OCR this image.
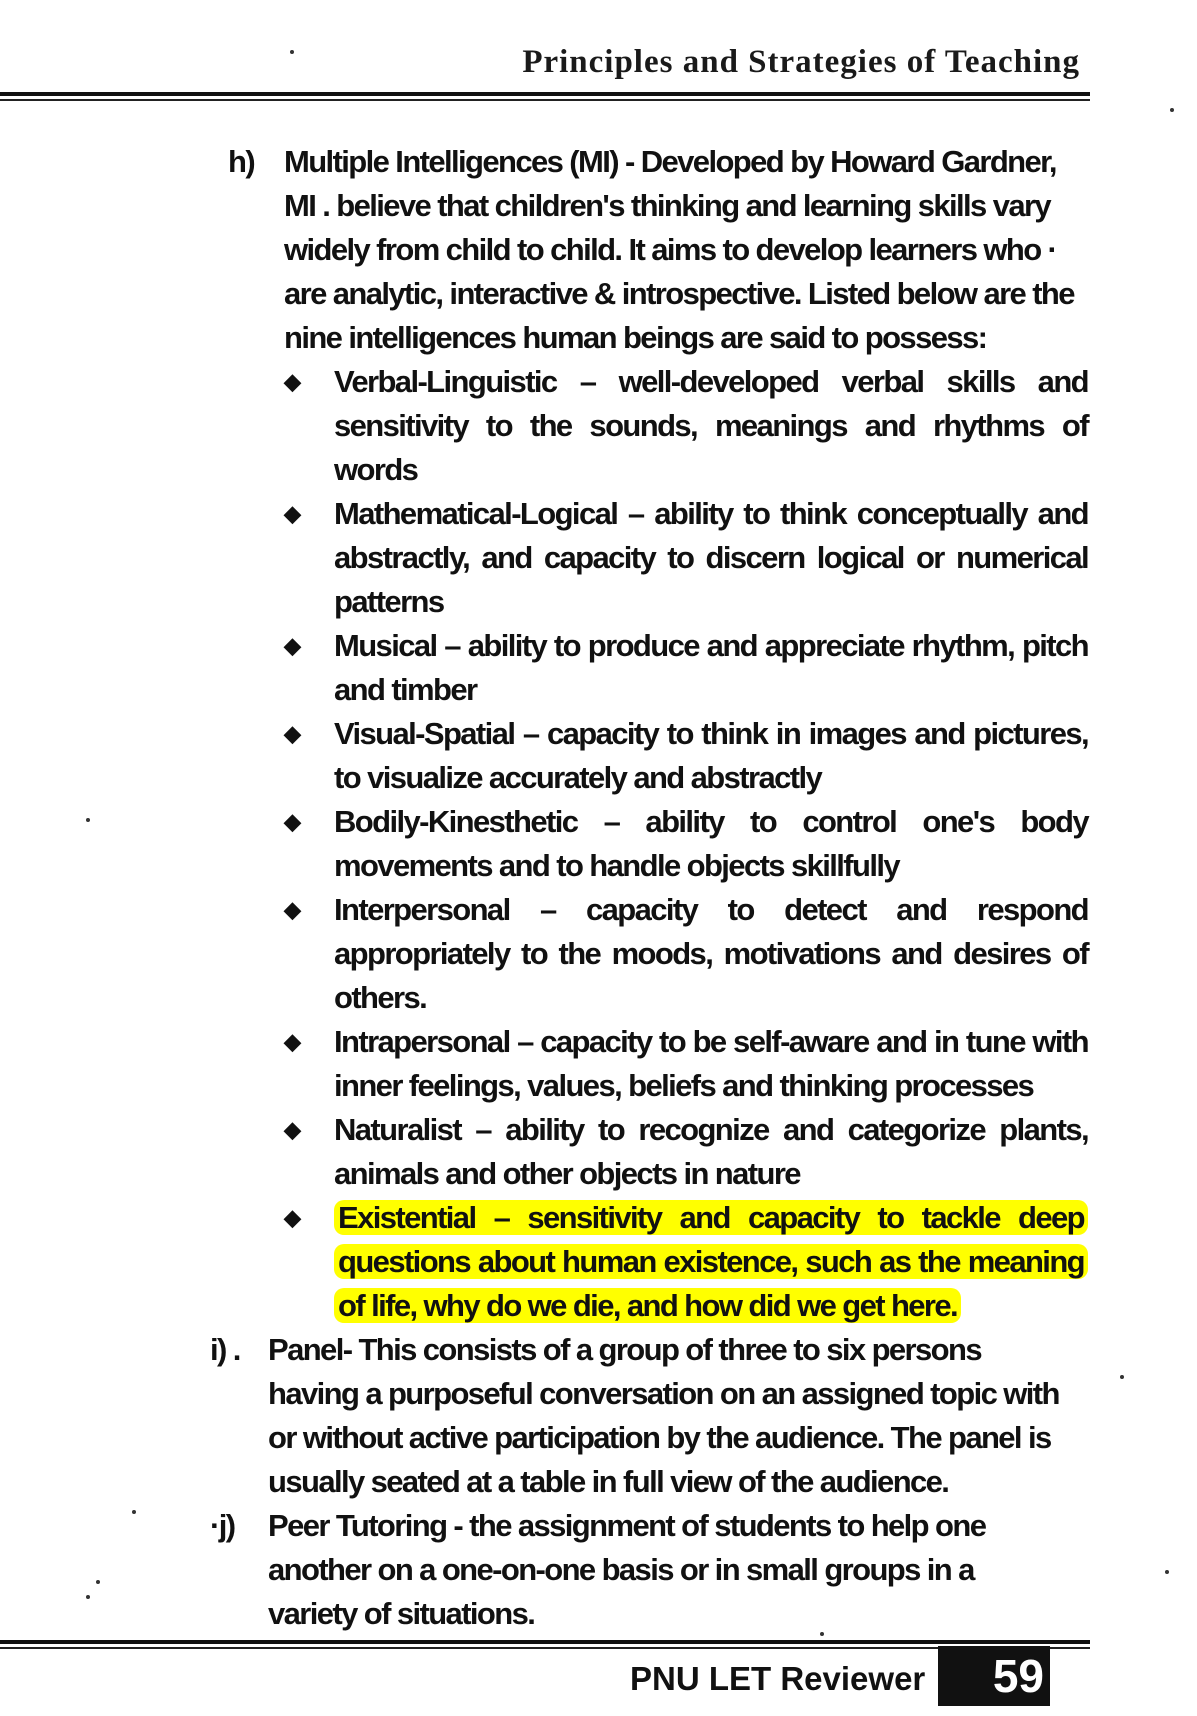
Principles and Strategies of Teaching
h) Multiple Intelligences (MI) - Developed by Howard Gardner, MI . believe that children's thinking and learning skills vary widely from child to child. It aims to develop learners who · are analytic, interactive & introspective. Listed below are the nine intelligences human beings are said to possess:
◆ Verbal-Linguistic – well-developed verbal skills and sensitivity to the sounds, meanings and rhythms of words
◆ Mathematical-Logical – ability to think conceptually and abstractly, and capacity to discern logical or numerical patterns
◆ Musical – ability to produce and appreciate rhythm, pitch and timber
◆ Visual-Spatial – capacity to think in images and pictures, to visualize accurately and abstractly
◆ Bodily-Kinesthetic – ability to control one's body movements and to handle objects skillfully
◆ Interpersonal – capacity to detect and respond appropriately to the moods, motivations and desires of others.
◆ Intrapersonal – capacity to be self-aware and in tune with inner feelings, values, beliefs and thinking processes
◆ Naturalist – ability to recognize and categorize plants, animals and other objects in nature
◆ Existential – sensitivity and capacity to tackle deep questions about human existence, such as the meaning of life, why do we die, and how did we get here.
i) . Panel- This consists of a group of three to six persons having a purposeful conversation on an assigned topic with or without active participation by the audience. The panel is usually seated at a table in full view of the audience.
·j) Peer Tutoring - the assignment of students to help one another on a one-on-one basis or in small groups in a variety of situations.
PNU LET Reviewer	59
